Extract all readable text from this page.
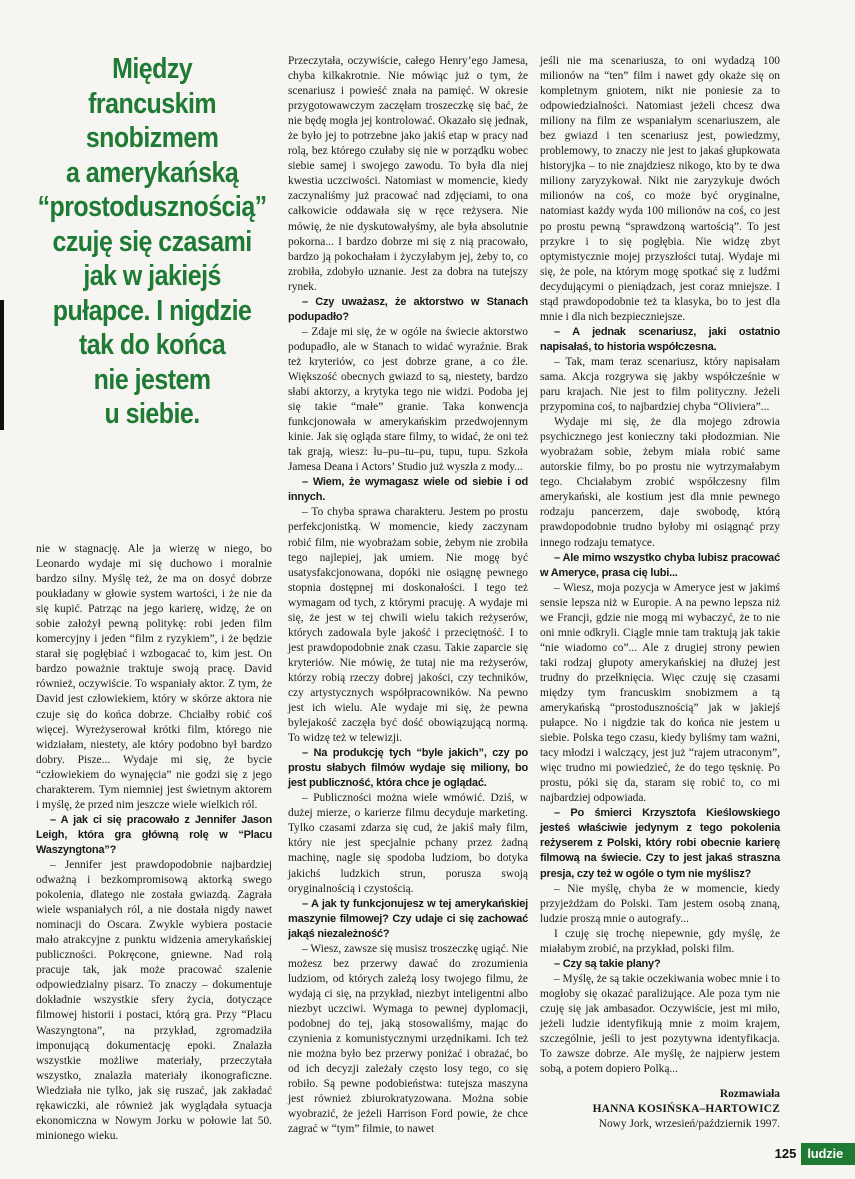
Między
francuskim
snobizmem
a amerykańską
“prostodusznością”
czuję się czasami
jak w jakiejś
pułapce. I nigdzie
tak do końca
nie jestem
u siebie.

nie w stagnację. Ale ja wierzę w niego, bo Leonardo wydaje mi się duchowo i moralnie bardzo silny. Myślę też, że ma on dosyć dobrze poukładany w głowie system wartości, i że nie da się kupić. Patrząc na jego karierę, widzę, że on sobie założył pewną politykę: robi jeden film komercyjny i jeden “film z ryzykiem”, i że będzie starał się pogłębiać i wzbogacać to, kim jest. On bardzo poważnie traktuje swoją pracę. David również, oczywiście. To wspaniały aktor. Z tym, że David jest człowiekiem, który w skórze aktora nie czuje się do końca dobrze. Chciałby robić coś więcej. Wyreżyserował krótki film, którego nie widziałam, niestety, ale który podobno był bardzo dobry. Pisze... Wydaje mi się, że bycie “człowiekiem do wynajęcia” nie godzi się z jego charakterem. Tym niemniej jest świetnym aktorem i myślę, że przed nim jeszcze wiele wielkich ról.

– A jak ci się pracowało z Jennifer Jason Leigh, która gra główną rolę w “Placu Waszyngtona”?

– Jennifer jest prawdopodobnie najbardziej odważną i bezkompromisową aktorką swego pokolenia, dlatego nie została gwiazdą. Zagrała wiele wspaniałych ról, a nie dostała nigdy nawet nominacji do Oscara. Zwykle wybiera postacie mało atrakcyjne z punktu widzenia amerykańskiej publiczności. Pokręcone, gniewne. Nad rolą pracuje tak, jak może pracować szalenie odpowiedzialny pisarz. To znaczy – dokumentuje dokładnie wszystkie sfery życia, dotyczące filmowej historii i postaci, którą gra. Przy “Placu Waszyngtona”, na przykład, zgromadziła imponującą dokumentację epoki. Znalazła wszystkie możliwe materiały, przeczytała wszystko, znalazła materiały ikonograficzne. Wiedziała nie tylko, jak się ruszać, jak zakładać rękawiczki, ale również jak wyglądała sytuacja ekonomiczna w Nowym Jorku w połowie lat 50. minionego wieku.

Przeczytała, oczywiście, całego Henry’ego Jamesa, chyba kilkakrotnie. Nie mówiąc już o tym, że scenariusz i powieść znała na pamięć. W okresie przygotowawczym zaczęłam troszeczkę się bać, że nie będę mogła jej kontrolować. Okazało się jednak, że było jej to potrzebne jako jakiś etap w pracy nad rolą, bez którego czułaby się nie w porządku wobec siebie samej i swojego zawodu. To była dla niej kwestia uczciwości. Natomiast w momencie, kiedy zaczynaliśmy już pracować nad zdjęciami, to ona całkowicie oddawała się w ręce reżysera. Nie mówię, że nie dyskutowałyśmy, ale była absolutnie pokorna... I bardzo dobrze mi się z nią pracowało, bardzo ją pokochałam i życzyłabym jej, żeby to, co zrobiła, zdobyło uznanie. Jest za dobra na tutejszy rynek.

– Czy uważasz, że aktorstwo w Stanach podupadło?

– Zdaje mi się, że w ogóle na świecie aktorstwo podupadło, ale w Stanach to widać wyraźnie. Brak też kryteriów, co jest dobrze grane, a co źle. Większość obecnych gwiazd to są, niestety, bardzo słabi aktorzy, a krytyka tego nie widzi. Podoba jej się takie “małe” granie. Taka konwencja funkcjonowała w amerykańskim przedwojennym kinie. Jak się ogląda stare filmy, to widać, że oni też tak grają, wiesz: łu–pu–tu–pu, tupu, tupu. Szkoła Jamesa Deana i Actors’ Studio już wyszła z mody...

– Wiem, że wymagasz wiele od siebie i od innych.

– To chyba sprawa charakteru. Jestem po prostu perfekcjonistką. W momencie, kiedy zaczynam robić film, nie wyobrażam sobie, żebym nie zrobiła tego najlepiej, jak umiem. Nie mogę być usatysfakcjonowana, dopóki nie osiągnę pewnego stopnia dostępnej mi doskonałości. I tego też wymagam od tych, z którymi pracuję. A wydaje mi się, że jest w tej chwili wielu takich reżyserów, których zadowala byle jakość i przeciętność. I to jest prawdopodobnie znak czasu. Takie zaparcie się kryteriów. Nie mówię, że tutaj nie ma reżyserów, którzy robią rzeczy dobrej jakości, czy techników, czy artystycznych współpracowników. Na pewno jest ich wielu. Ale wydaje mi się, że pewna bylejakość zaczęła być dość obowiązującą normą. To widzę też w telewizji.

– Na produkcję tych “byle jakich”, czy po prostu słabych filmów wydaje się miliony, bo jest publiczność, która chce je oglądać.

– Publiczności można wiele wmówić. Dziś, w dużej mierze, o karierze filmu decyduje marketing. Tylko czasami zdarza się cud, że jakiś mały film, który nie jest specjalnie pchany przez żadną machinę, nagle się spodoba ludziom, bo dotyka jakichś ludzkich strun, porusza swoją oryginalnością i czystością.

– A jak ty funkcjonujesz w tej amerykańskiej maszynie filmowej? Czy udaje ci się zachować jakąś niezależność?

– Wiesz, zawsze się musisz troszeczkę ugiąć. Nie możesz bez przerwy dawać do zrozumienia ludziom, od których zależą losy twojego filmu, że wydają ci się, na przykład, niezbyt inteligentni albo niezbyt uczciwi. Wymaga to pewnej dyplomacji, podobnej do tej, jaką stosowaliśmy, mając do czynienia z komunistycznymi urzędnikami. Ich też nie można było bez przerwy poniżać i obrażać, bo od ich decyzji zależały często losy tego, co się robiło. Są pewne podobieństwa: tutejsza maszyna jest również zbiurokratyzowana. Można sobie wyobrazić, że jeżeli Harrison Ford powie, że chce zagrać w “tym” filmie, to nawet

jeśli nie ma scenariusza, to oni wydadzą 100 milionów na “ten” film i nawet gdy okaże się on kompletnym gniotem, nikt nie poniesie za to odpowiedzialności. Natomiast jeżeli chcesz dwa miliony na film ze wspaniałym scenariuszem, ale bez gwiazd i ten scenariusz jest, powiedzmy, problemowy, to znaczy nie jest to jakaś głupkowata historyjka – to nie znajdziesz nikogo, kto by te dwa miliony zaryzykował. Nikt nie zaryzykuje dwóch milionów na coś, co może być oryginalne, natomiast każdy wyda 100 milionów na coś, co jest po prostu pewną “sprawdzoną wartością”. To jest przykre i to się pogłębia. Nie widzę zbyt optymistycznie mojej przyszłości tutaj. Wydaje mi się, że pole, na którym mogę spotkać się z ludźmi decydującymi o pieniądzach, jest coraz mniejsze. I stąd prawdopodobnie też ta klasyka, bo to jest dla mnie i dla nich bezpieczniejsze.

– A jednak scenariusz, jaki ostatnio napisałaś, to historia współczesna.

– Tak, mam teraz scenariusz, który napisałam sama. Akcja rozgrywa się jakby współcześnie w paru krajach. Nie jest to film polityczny. Jeżeli przypomina coś, to najbardziej chyba “Oliviera”...

Wydaje mi się, że dla mojego zdrowia psychicznego jest konieczny taki płodozmian. Nie wyobrażam sobie, żebym miała robić same autorskie filmy, bo po prostu nie wytrzymałabym tego. Chciałabym zrobić współczesny film amerykański, ale kostium jest dla mnie pewnego rodzaju pancerzem, daje swobodę, którą prawdopodobnie trudno byłoby mi osiągnąć przy innego rodzaju tematyce.

– Ale mimo wszystko chyba lubisz pracować w Ameryce, prasa cię lubi...

– Wiesz, moja pozycja w Ameryce jest w jakimś sensie lepsza niż w Europie. A na pewno lepsza niż we Francji, gdzie nie mogą mi wybaczyć, że to nie oni mnie odkryli. Ciągle mnie tam traktują jak takie “nie wiadomo co”... Ale z drugiej strony pewien taki rodzaj głupoty amerykańskiej na dłużej jest trudny do przełknięcia. Więc czuję się czasami między tym francuskim snobizmem a tą amerykańską “prostodusznością” jak w jakiejś pułapce. No i nigdzie tak do końca nie jestem u siebie. Polska tego czasu, kiedy byliśmy tam ważni, tacy młodzi i walczący, jest już “rajem utraconym”, więc trudno mi powiedzieć, że do tego tęsknię. Po prostu, póki się da, staram się robić to, co mi najbardziej odpowiada.

– Po śmierci Krzysztofa Kieślowskiego jesteś właściwie jedynym z tego pokolenia reżyserem z Polski, który robi obecnie karierę filmową na świecie. Czy to jest jakaś straszna presja, czy też w ogóle o tym nie myślisz?

– Nie myślę, chyba że w momencie, kiedy przyjeżdżam do Polski. Tam jestem osobą znaną, ludzie proszą mnie o autografy...

I czuję się trochę niepewnie, gdy myślę, że miałabym zrobić, na przykład, polski film.

– Czy są takie plany?

– Myślę, że są takie oczekiwania wobec mnie i to mogłoby się okazać paraliżujące. Ale poza tym nie czuję się jak ambasador. Oczywiście, jest mi miło, jeżeli ludzie identyfikują mnie z moim krajem, szczególnie, jeśli to jest pozytywna identyfikacja. To zawsze dobrze. Ale myślę, że najpierw jestem sobą, a potem dopiero Polką...

Rozmawiała
HANNA KOSIŃSKA–HARTOWICZ
Nowy Jork, wrzesień/październik 1997.
125 ludzie
